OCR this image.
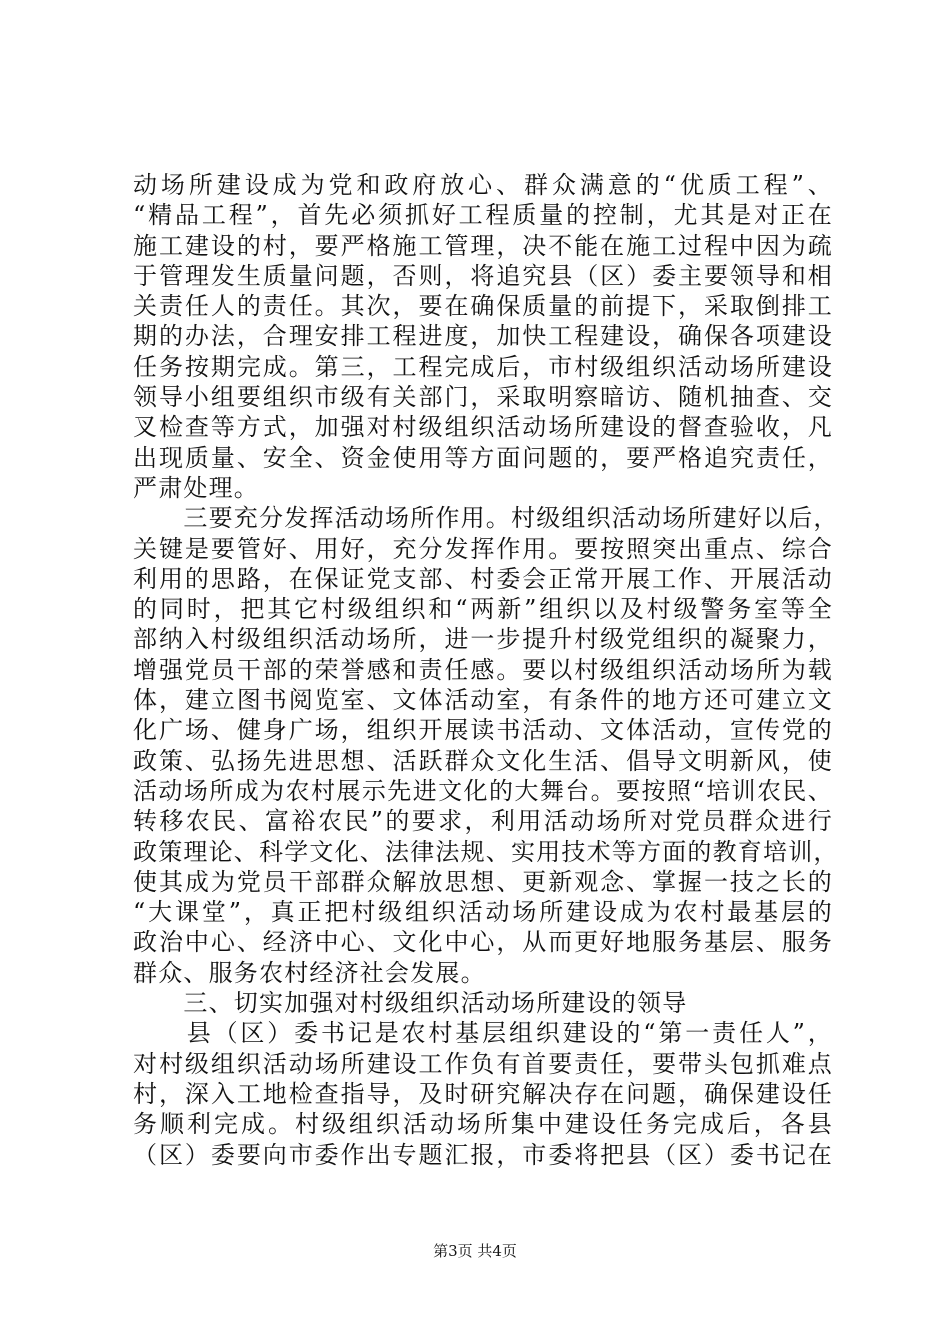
动场所建设成为党和政府放心、群众满意的“优质工程”、
“精品工程”，首先必须抓好工程质量的控制，尤其是对正在
施工建设的村，要严格施工管理，决不能在施工过程中因为疏
于管理发生质量问题，否则，将追究县（区）委主要领导和相
关责任人的责任。其次，要在确保质量的前提下，采取倒排工
期的办法，合理安排工程进度，加快工程建设，确保各项建设
任务按期完成。第三，工程完成后，市村级组织活动场所建设
领导小组要组织市级有关部门，采取明察暗访、随机抽查、交
叉检查等方式，加强对村级组织活动场所建设的督查验收，凡
出现质量、安全、资金使用等方面问题的，要严格追究责任，
严肃处理。
　　三要充分发挥活动场所作用。村级组织活动场所建好以后，
关键是要管好、用好，充分发挥作用。要按照突出重点、综合
利用的思路，在保证党支部、村委会正常开展工作、开展活动
的同时，把其它村级组织和“两新”组织以及村级警务室等全
部纳入村级组织活动场所，进一步提升村级党组织的凝聚力，
增强党员干部的荣誉感和责任感。要以村级组织活动场所为载
体，建立图书阅览室、文体活动室，有条件的地方还可建立文
化广场、健身广场，组织开展读书活动、文体活动，宣传党的
政策、弘扬先进思想、活跃群众文化生活、倡导文明新风，使
活动场所成为农村展示先进文化的大舞台。要按照“培训农民、
转移农民、富裕农民”的要求，利用活动场所对党员群众进行
政策理论、科学文化、法律法规、实用技术等方面的教育培训，
使其成为党员干部群众解放思想、更新观念、掌握一技之长的
“大课堂”，真正把村级组织活动场所建设成为农村最基层的
政治中心、经济中心、文化中心，从而更好地服务基层、服务
群众、服务农村经济社会发展。
　　三、切实加强对村级组织活动场所建设的领导
　　县（区）委书记是农村基层组织建设的“第一责任人”，
对村级组织活动场所建设工作负有首要责任，要带头包抓难点
村，深入工地检查指导，及时研究解决存在问题，确保建设任
务顺利完成。村级组织活动场所集中建设任务完成后，各县
（区）委要向市委作出专题汇报，市委将把县（区）委书记在
第3页 共4页
